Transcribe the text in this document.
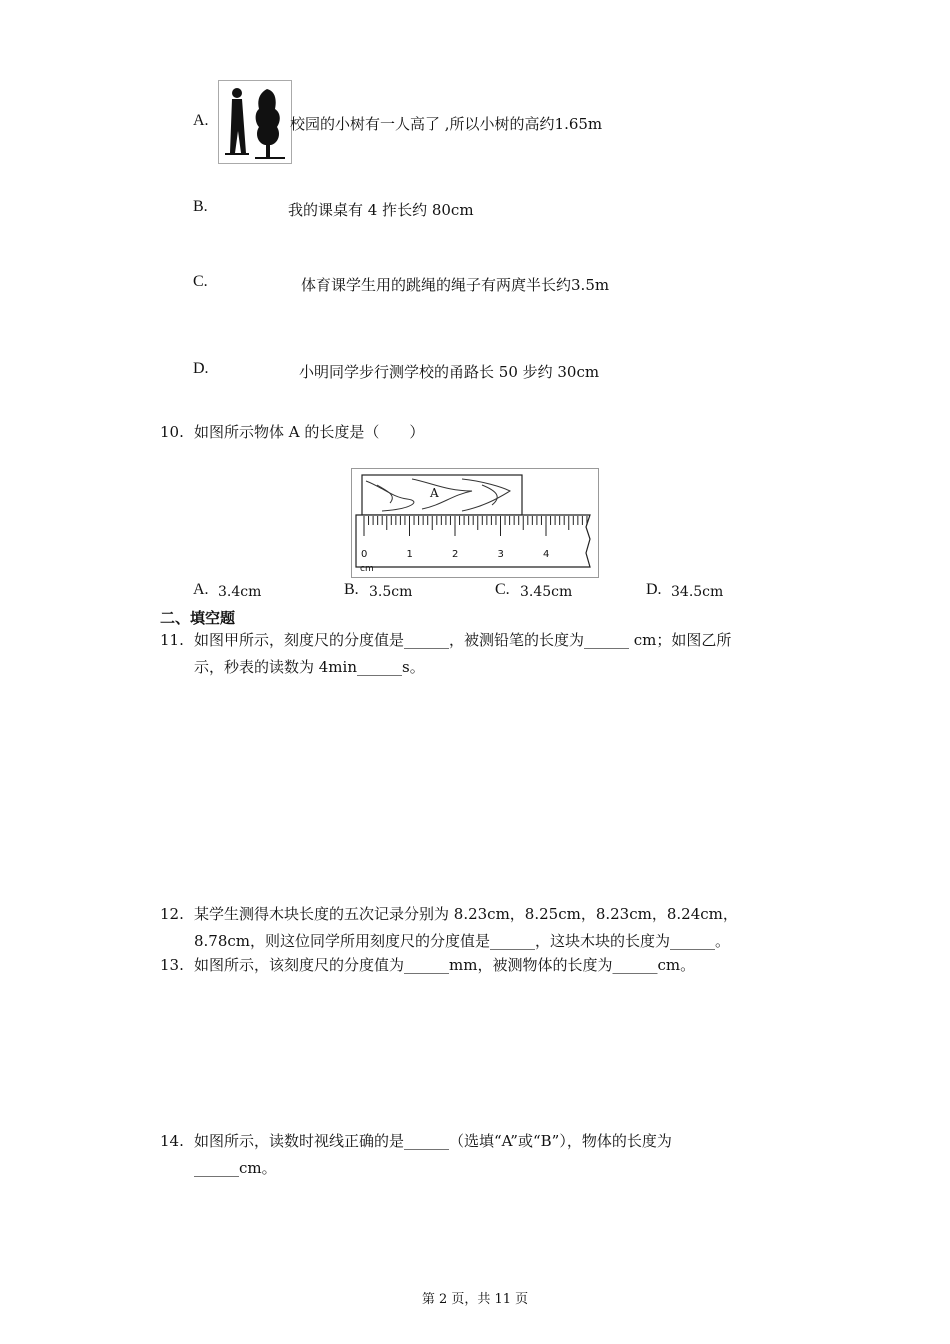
A.	校园的小树有一人高了 ,所以小树的高约1.65m
B.	我的课桌有 4 拃长约 80cm
C.	体育课学生用的跳绳的绳子有两庹半长约3.5m
D.	小明同学步行测学校的甬路长 50 步约 30cm
10. 如图所示物体 A 的长度是（　　）
A
0	1	2	3	4
cm
A. 3.4cm	B. 3.5cm	C. 3.45cm	D. 34.5cm
二、填空题
11. 如图甲所示，刻度尺的分度值是______，被测铅笔的长度为______ cm；如图乙所
示，秒表的读数为 4min______s。
12. 某学生测得木块长度的五次记录分别为 8.23cm，8.25cm，8.23cm，8.24cm，
8.78cm，则这位同学所用刻度尺的分度值是______，这块木块的长度为______。
13. 如图所示，该刻度尺的分度值为______mm，被测物体的长度为______cm。
14. 如图所示，读数时视线正确的是______（选填“A”或“B”），物体的长度为
______cm。
第 2 页，共 11 页
